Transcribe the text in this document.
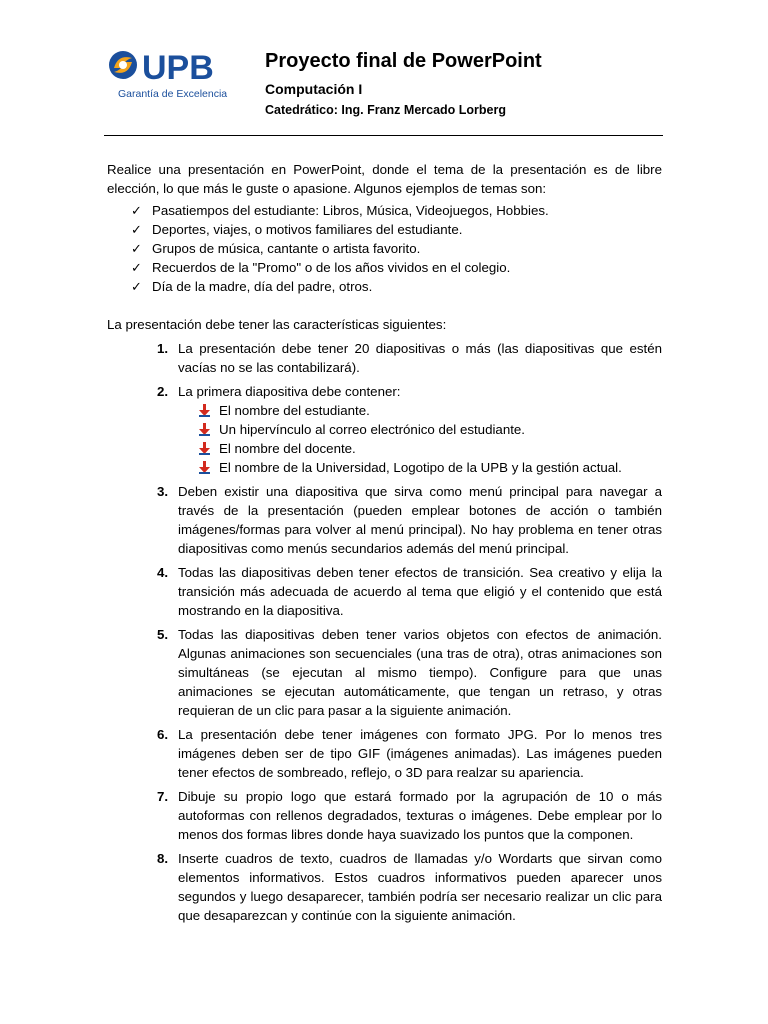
UPB
Garantía de Excelencia
Proyecto final de PowerPoint
Computación I
Catedrático: Ing. Franz Mercado Lorberg

Realice una presentación en PowerPoint, donde el tema de la presentación es de libre elección, lo que más le guste o apasione. Algunos ejemplos de temas son:

✓ Pasatiempos del estudiante: Libros, Música, Videojuegos, Hobbies.
✓ Deportes, viajes, o motivos familiares del estudiante.
✓ Grupos de música, cantante o artista favorito.
✓ Recuerdos de la "Promo" o de los años vividos en el colegio.
✓ Día de la madre, día del padre, otros.

La presentación debe tener las características siguientes:

1. La presentación debe tener 20 diapositivas o más (las diapositivas que estén vacías no se las contabilizará).
2. La primera diapositiva debe contener:
El nombre del estudiante.
Un hipervínculo al correo electrónico del estudiante.
El nombre del docente.
El nombre de la Universidad, Logotipo de la UPB y la gestión actual.
3. Deben existir una diapositiva que sirva como menú principal para navegar a través de la presentación (pueden emplear botones de acción o también imágenes/formas para volver al menú principal). No hay problema en tener otras diapositivas como menús secundarios además del menú principal.
4. Todas las diapositivas deben tener efectos de transición. Sea creativo y elija la transición más adecuada de acuerdo al tema que eligió y el contenido que está mostrando en la diapositiva.
5. Todas las diapositivas deben tener varios objetos con efectos de animación. Algunas animaciones son secuenciales (una tras de otra), otras animaciones son simultáneas (se ejecutan al mismo tiempo). Configure para que unas animaciones se ejecutan automáticamente, que tengan un retraso, y otras requieran de un clic para pasar a la siguiente animación.
6. La presentación debe tener imágenes con formato JPG. Por lo menos tres imágenes deben ser de tipo GIF (imágenes animadas). Las imágenes pueden tener efectos de sombreado, reflejo, o 3D para realzar su apariencia.
7. Dibuje su propio logo que estará formado por la agrupación de 10 o más autoformas con rellenos degradados, texturas o imágenes. Debe emplear por lo menos dos formas libres donde haya suavizado los puntos que la componen.
8. Inserte cuadros de texto, cuadros de llamadas y/o Wordarts que sirvan como elementos informativos. Estos cuadros informativos pueden aparecer unos segundos y luego desaparecer, también podría ser necesario realizar un clic para que desaparezcan y continúe con la siguiente animación.
